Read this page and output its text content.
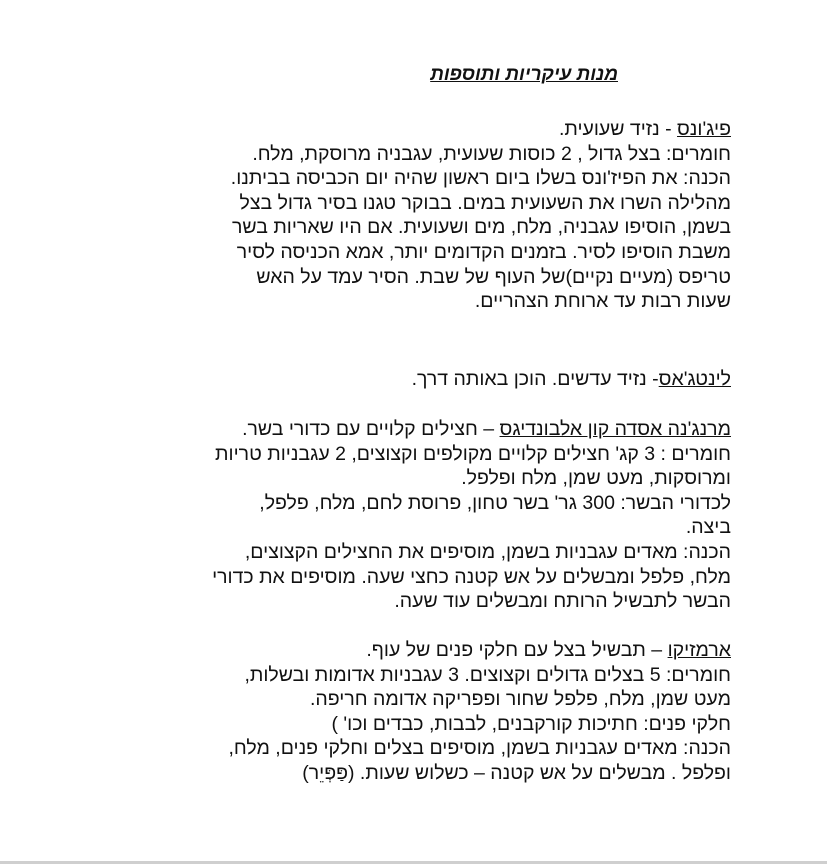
מנות עיקריות ותוספות
פיג'ונס - נזיד שעועית.
חומרים: בצל גדול , 2 כוסות שעועית, עגבניה מרוסקת, מלח.
הכנה: את הפיז'ונס בשלו ביום ראשון שהיה יום הכביסה בביתנו.
מהלילה השרו את השעועית במים. בבוקר טגנו בסיר גדול בצל
בשמן, הוסיפו עגבניה, מלח, מים ושעועית. אם היו שאריות בשר
משבת הוסיפו לסיר. בזמנים הקדומים יותר, אמא הכניסה לסיר
טריפס (מעיים נקיים)של העוף של שבת. הסיר עמד על האש
שעות רבות עד ארוחת הצהריים.
לינטג'אס- נזיד עדשים. הוכן באותה דרך.
מרנג'נה אסדה קון אלבונדיגס – חצילים קלויים עם כדורי בשר.
חומרים : 3 קג' חצילים קלויים מקולפים וקצוצים, 2 עגבניות טריות
ומרוסקות, מעט שמן, מלח ופלפל.
לכדורי הבשר: 300 גר' בשר טחון, פרוסת לחם, מלח, פלפל,
ביצה.
הכנה: מאדים עגבניות בשמן, מוסיפים את החצילים הקצוצים,
מלח, פלפל ומבשלים על אש קטנה כחצי שעה. מוסיפים את כדורי
הבשר לתבשיל הרותח ומבשלים עוד שעה.
ארמזיקו – תבשיל בצל עם חלקי פנים של עוף.
חומרים: 5 בצלים גדולים וקצוצים. 3 עגבניות אדומות ובשלות,
מעט שמן, מלח, פלפל שחור ופפריקה אדומה חריפה.
חלקי פנים: חתיכות קורקבנים, לבבות, כבדים וכו' )
הכנה: מאדים עגבניות בשמן, מוסיפים בצלים וחלקי פנים, מלח,
ופלפל . מבשלים על אש קטנה – כשלוש שעות. (פַּפְּיֵר)
